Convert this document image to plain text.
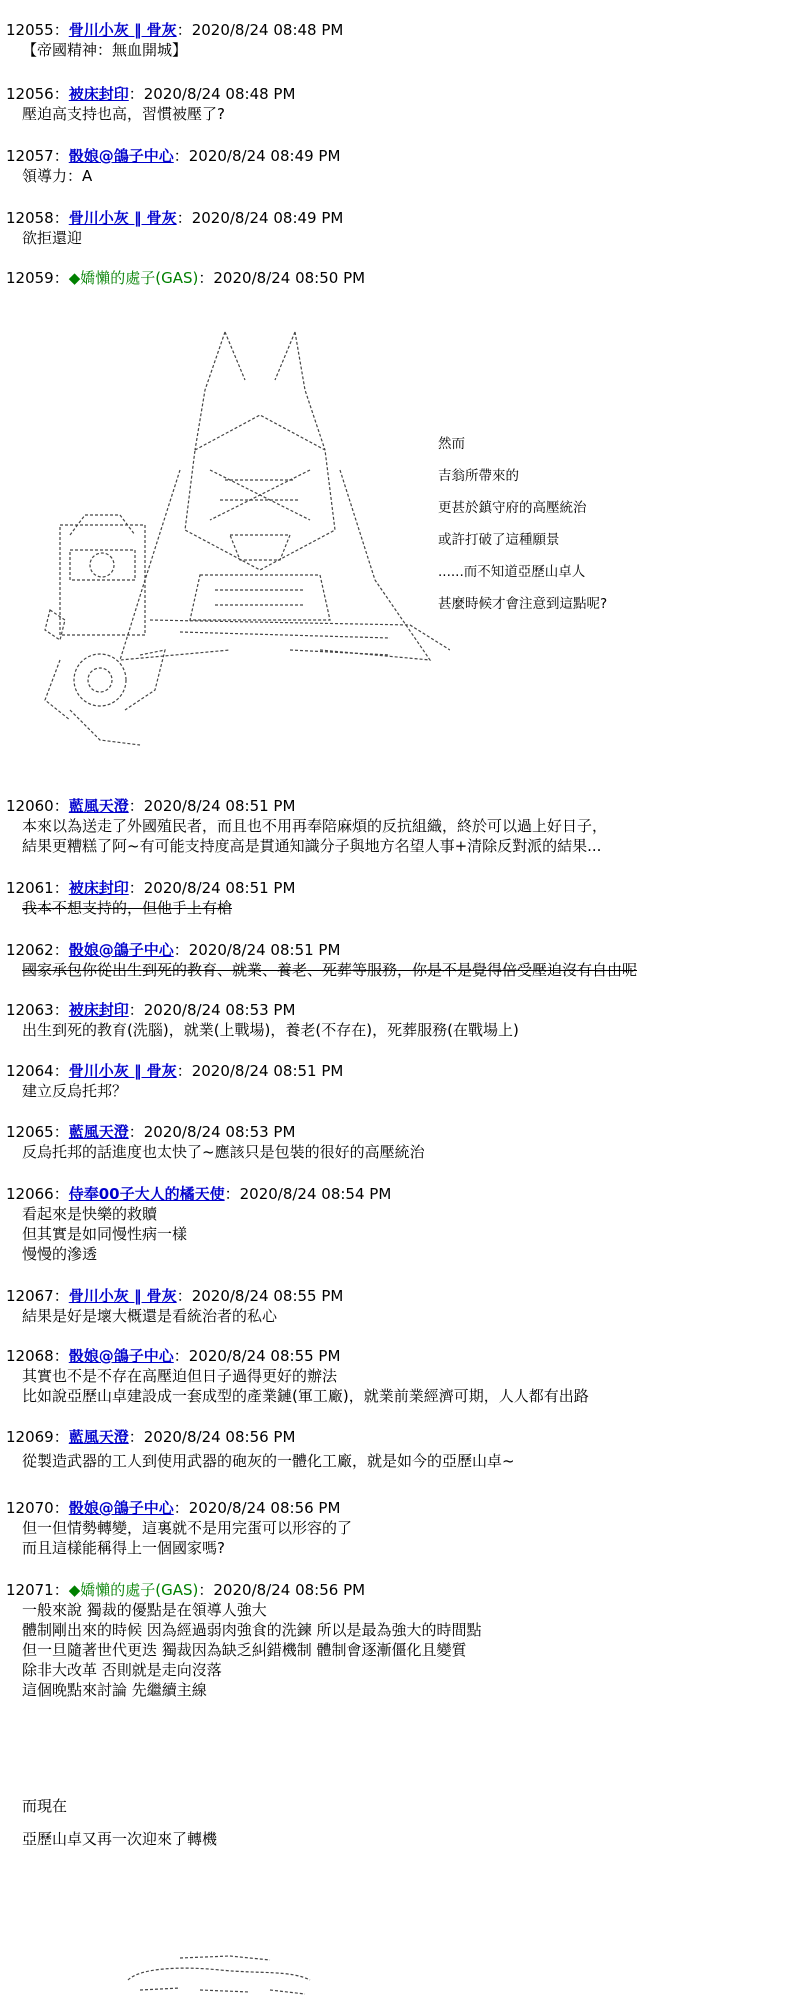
12055：骨川小灰 ‖ 骨灰：2020/8/24 08:48 PM
【帝國精神：無血開城】
12056：被床封印：2020/8/24 08:48 PM
壓迫高支持也高，習慣被壓了?
12057：骰娘@鴿子中心：2020/8/24 08:49 PM
領導力：A
12058：骨川小灰 ‖ 骨灰：2020/8/24 08:49 PM
欲拒還迎
12059：◆嬌懶的處子(GAS)：2020/8/24 08:50 PM
然而
吉翁所帶來的
更甚於鎮守府的高壓統治
或許打破了這種願景
......而不知道亞歷山卓人
甚麼時候才會注意到這點呢?
12060：藍風天澄：2020/8/24 08:51 PM
本來以為送走了外國殖民者，而且也不用再奉陪麻煩的反抗組織，終於可以過上好日子，
結果更糟糕了阿~有可能支持度高是貫通知識分子與地方名望人事+清除反對派的結果...
12061：被床封印：2020/8/24 08:51 PM
我本不想支持的，但他手上有槍
12062：骰娘@鴿子中心：2020/8/24 08:51 PM
國家承包你從出生到死的教育、就業、養老、死葬等服務，你是不是覺得倍受壓迫沒有自由呢
12063：被床封印：2020/8/24 08:53 PM
出生到死的教育(洗腦)，就業(上戰場)，養老(不存在)，死葬服務(在戰場上)
12064：骨川小灰 ‖ 骨灰：2020/8/24 08:51 PM
建立反烏托邦？
12065：藍風天澄：2020/8/24 08:53 PM
反烏托邦的話進度也太快了~應該只是包裝的很好的高壓統治
12066：侍奉00子大人的橘天使：2020/8/24 08:54 PM
看起來是快樂的救贖
但其實是如同慢性病一樣
慢慢的滲透
12067：骨川小灰 ‖ 骨灰：2020/8/24 08:55 PM
結果是好是壞大概還是看統治者的私心
12068：骰娘@鴿子中心：2020/8/24 08:55 PM
其實也不是不存在高壓迫但日子過得更好的辦法
比如說亞歷山卓建設成一套成型的產業鏈(軍工廠)，就業前業經濟可期，人人都有出路
12069：藍風天澄：2020/8/24 08:56 PM
從製造武器的工人到使用武器的砲灰的一體化工廠，就是如今的亞歷山卓~
12070：骰娘@鴿子中心：2020/8/24 08:56 PM
但一但情勢轉變，這裏就不是用完蛋可以形容的了
而且這樣能稱得上一個國家嗎?
12071：◆嬌懶的處子(GAS)：2020/8/24 08:56 PM
一般來說 獨裁的優點是在領導人強大
體制剛出來的時候 因為經過弱肉強食的洗鍊 所以是最為強大的時間點
但一旦隨著世代更迭 獨裁因為缺乏糾錯機制 體制會逐漸僵化且變質
除非大改革 否則就是走向沒落
這個晚點來討論 先繼續主線
而現在
亞歷山卓又再一次迎來了轉機
